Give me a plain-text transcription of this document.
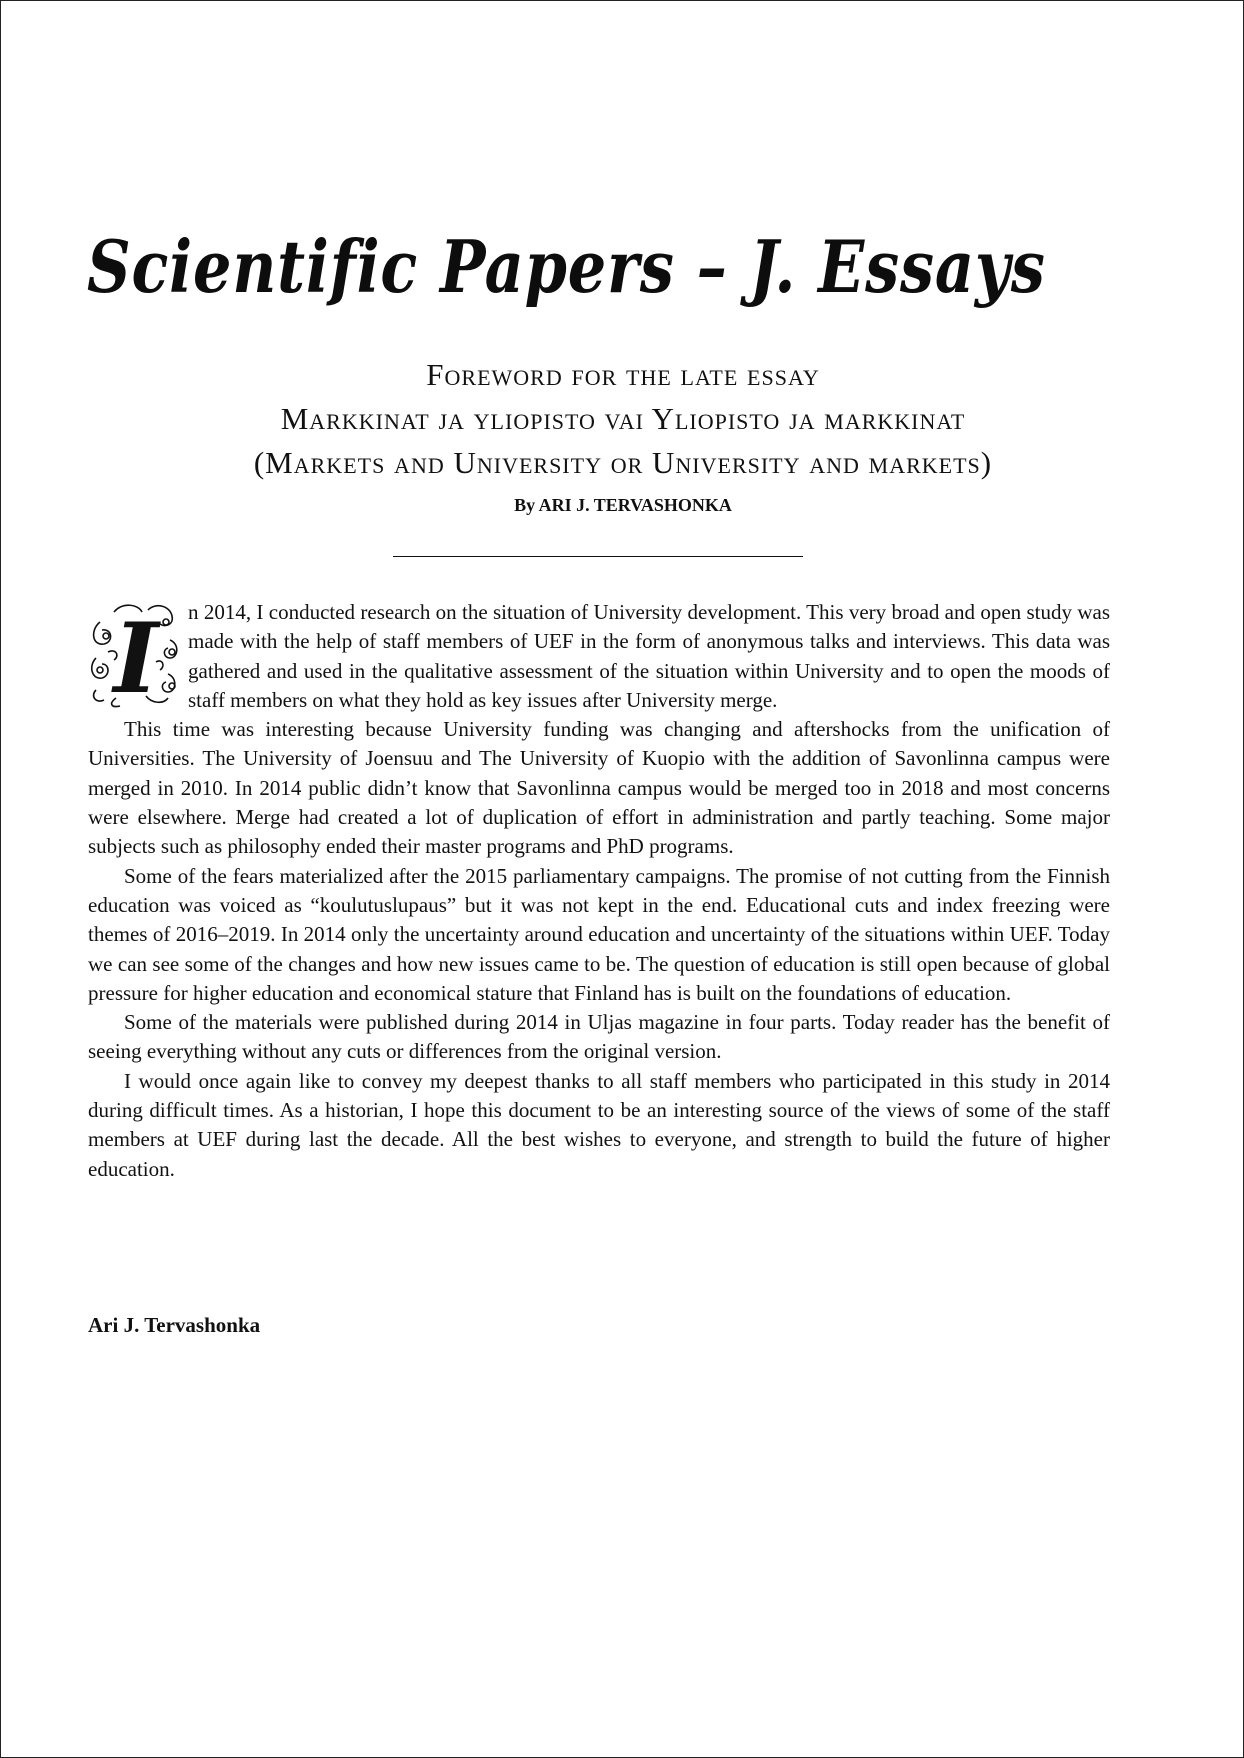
Scientific Papers – J. Essays
Foreword for the late essay
Markkinat ja yliopisto vai Yliopisto ja markkinat
(Markets and University or University and markets)
By ARI J. TERVASHONKA

I n 2014, I conducted research on the situation of University development. This very broad and open study was made with the help of staff members of UEF in the form of anonymous talks and interviews. This data was gathered and used in the qualitative assessment of the situation within University and to open the moods of staff members on what they hold as key issues after University merge.

This time was interesting because University funding was changing and aftershocks from the unification of Universities. The University of Joensuu and The University of Kuopio with the addition of Savonlinna campus were merged in 2010. In 2014 public didn’t know that Savonlinna campus would be merged too in 2018 and most concerns were elsewhere. Merge had created a lot of duplication of effort in administration and partly teaching. Some major subjects such as philosophy ended their master programs and PhD programs.

Some of the fears materialized after the 2015 parliamentary campaigns. The promise of not cutting from the Finnish education was voiced as “koulutuslupaus” but it was not kept in the end. Educational cuts and index freezing were themes of 2016–2019. In 2014 only the uncertainty around education and uncertainty of the situations within UEF. Today we can see some of the changes and how new issues came to be. The question of education is still open because of global pressure for higher education and economical stature that Finland has is built on the foundations of education.

Some of the materials were published during 2014 in Uljas magazine in four parts. Today reader has the benefit of seeing everything without any cuts or differences from the original version.

I would once again like to convey my deepest thanks to all staff members who participated in this study in 2014 during difficult times. As a historian, I hope this document to be an interesting source of the views of some of the staff members at UEF during last the decade. All the best wishes to everyone, and strength to build the future of higher education.

Ari J. Tervashonka
